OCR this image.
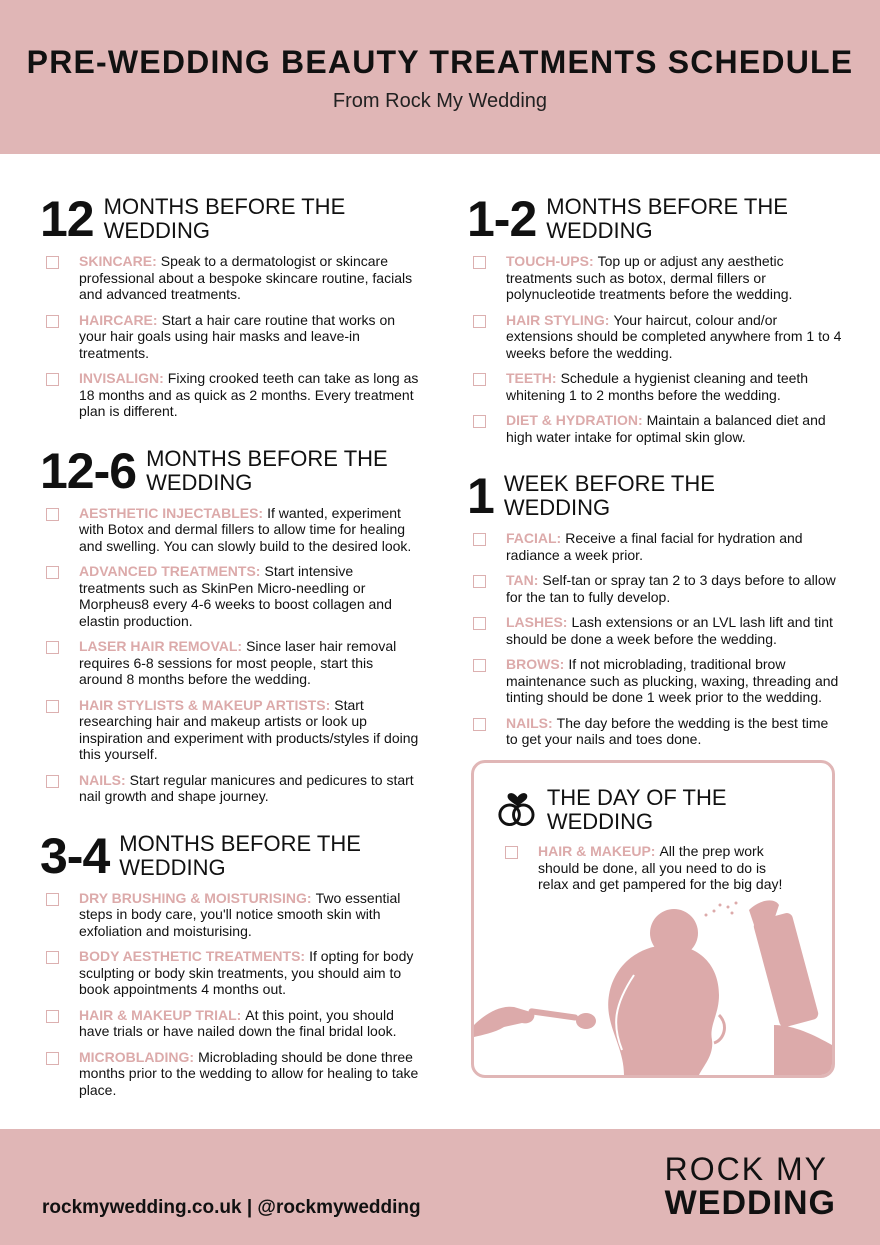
PRE-WEDDING BEAUTY TREATMENTS SCHEDULE
From Rock My Wedding
12 MONTHS BEFORE THE WEDDING
SKINCARE: Speak to a dermatologist or skincare professional about a bespoke skincare routine, facials and advanced treatments.
HAIRCARE: Start a hair care routine that works on your hair goals using hair masks and leave-in treatments.
INVISALIGN: Fixing crooked teeth can take as long as 18 months and as quick as 2 months. Every treatment plan is different.
12-6 MONTHS BEFORE THE WEDDING
AESTHETIC INJECTABLES: If wanted, experiment with Botox and dermal fillers to allow time for healing and swelling. You can slowly build to the desired look.
ADVANCED TREATMENTS: Start intensive treatments such as SkinPen Micro-needling or Morpheus8 every 4-6 weeks to boost collagen and elastin production.
LASER HAIR REMOVAL: Since laser hair removal requires 6-8 sessions for most people, start this around 8 months before the wedding.
HAIR STYLISTS & MAKEUP ARTISTS: Start researching hair and makeup artists or look up inspiration and experiment with products/styles if doing this yourself.
NAILS: Start regular manicures and pedicures to start nail growth and shape journey.
3-4 MONTHS BEFORE THE WEDDING
DRY BRUSHING & MOISTURISING: Two essential steps in body care, you'll notice smooth skin with exfoliation and moisturising.
BODY AESTHETIC TREATMENTS: If opting for body sculpting or body skin treatments, you should aim to book appointments 4 months out.
HAIR & MAKEUP TRIAL: At this point, you should have trials or have nailed down the final bridal look.
MICROBLADING: Microblading should be done three months prior to the wedding to allow for healing to take place.
1-2 MONTHS BEFORE THE WEDDING
TOUCH-UPS: Top up or adjust any aesthetic treatments such as botox, dermal fillers or polynucleotide treatments before the wedding.
HAIR STYLING: Your haircut, colour and/or extensions should be completed anywhere from 1 to 4 weeks before the wedding.
TEETH: Schedule a hygienist cleaning and teeth whitening 1 to 2 months before the wedding.
DIET & HYDRATION: Maintain a balanced diet and high water intake for optimal skin glow.
1 WEEK BEFORE THE WEDDING
FACIAL: Receive a final facial for hydration and radiance a week prior.
TAN: Self-tan or spray tan 2 to 3 days before to allow for the tan to fully develop.
LASHES: Lash extensions or an LVL lash lift and tint should be done a week before the wedding.
BROWS: If not microblading, traditional brow maintenance such as plucking, waxing, threading and tinting should be done 1 week prior to the wedding.
NAILS: The day before the wedding is the best time to get your nails and toes done.
THE DAY OF THE WEDDING
HAIR & MAKEUP: All the prep work should be done, all you need to do is relax and get pampered for the big day!
rockmywedding.co.uk | @rockmywedding
ROCK MY
WEDDING
